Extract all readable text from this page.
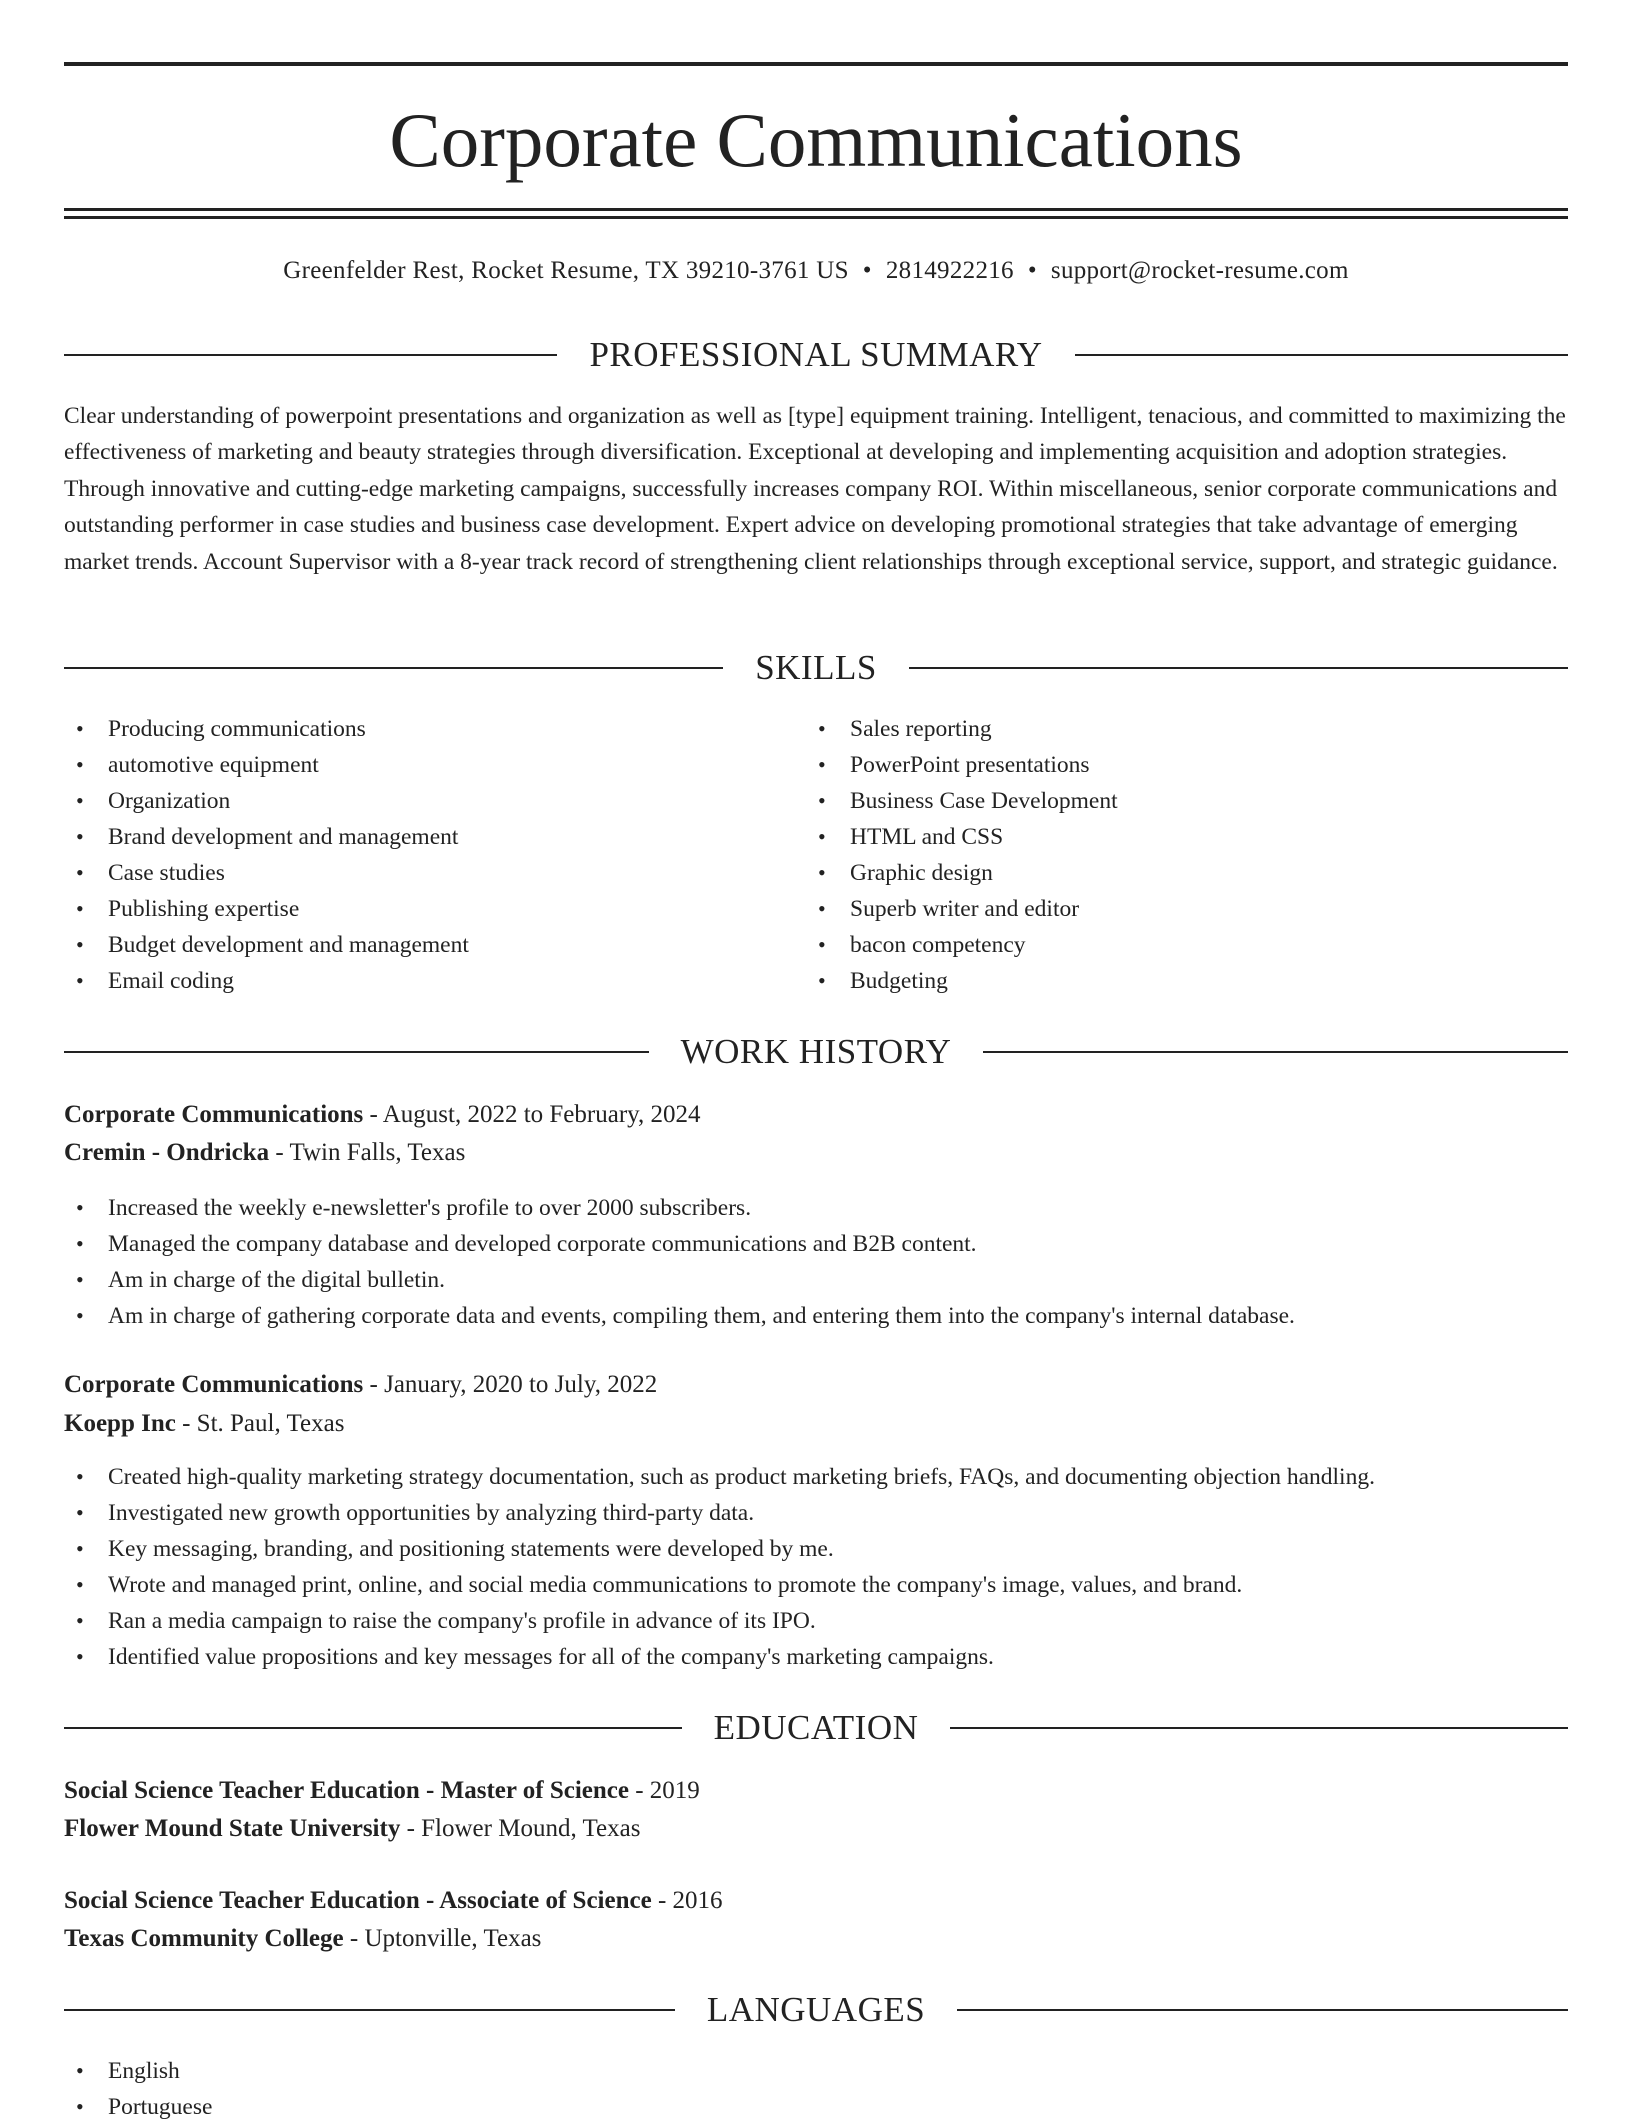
Corporate Communications
Greenfelder Rest, Rocket Resume, TX 39210-3761 US • 2814922216 • support@rocket-resume.com
PROFESSIONAL SUMMARY

Clear understanding of powerpoint presentations and organization as well as [type] equipment training. Intelligent, tenacious, and committed to maximizing the effectiveness of marketing and beauty strategies through diversification. Exceptional at developing and implementing acquisition and adoption strategies. Through innovative and cutting-edge marketing campaigns, successfully increases company ROI. Within miscellaneous, senior corporate communications and outstanding performer in case studies and business case development. Expert advice on developing promotional strategies that take advantage of emerging market trends. Account Supervisor with a 8-year track record of strengthening client relationships through exceptional service, support, and strategic guidance.

SKILLS
• Producing communications
• automotive equipment
• Organization
• Brand development and management
• Case studies
• Publishing expertise
• Budget development and management
• Email coding
• Sales reporting
• PowerPoint presentations
• Business Case Development
• HTML and CSS
• Graphic design
• Superb writer and editor
• bacon competency
• Budgeting
WORK HISTORY
Corporate Communications - August, 2022 to February, 2024
Cremin - Ondricka - Twin Falls, Texas
• Increased the weekly e-newsletter's profile to over 2000 subscribers.
• Managed the company database and developed corporate communications and B2B content.
• Am in charge of the digital bulletin.
• Am in charge of gathering corporate data and events, compiling them, and entering them into the company's internal database.
Corporate Communications - January, 2020 to July, 2022
Koepp Inc - St. Paul, Texas
• Created high-quality marketing strategy documentation, such as product marketing briefs, FAQs, and documenting objection handling.
• Investigated new growth opportunities by analyzing third-party data.
• Key messaging, branding, and positioning statements were developed by me.
• Wrote and managed print, online, and social media communications to promote the company's image, values, and brand.
• Ran a media campaign to raise the company's profile in advance of its IPO.
• Identified value propositions and key messages for all of the company's marketing campaigns.
EDUCATION
Social Science Teacher Education - Master of Science - 2019
Flower Mound State University - Flower Mound, Texas
Social Science Teacher Education - Associate of Science - 2016
Texas Community College - Uptonville, Texas
LANGUAGES
• English
• Portuguese
